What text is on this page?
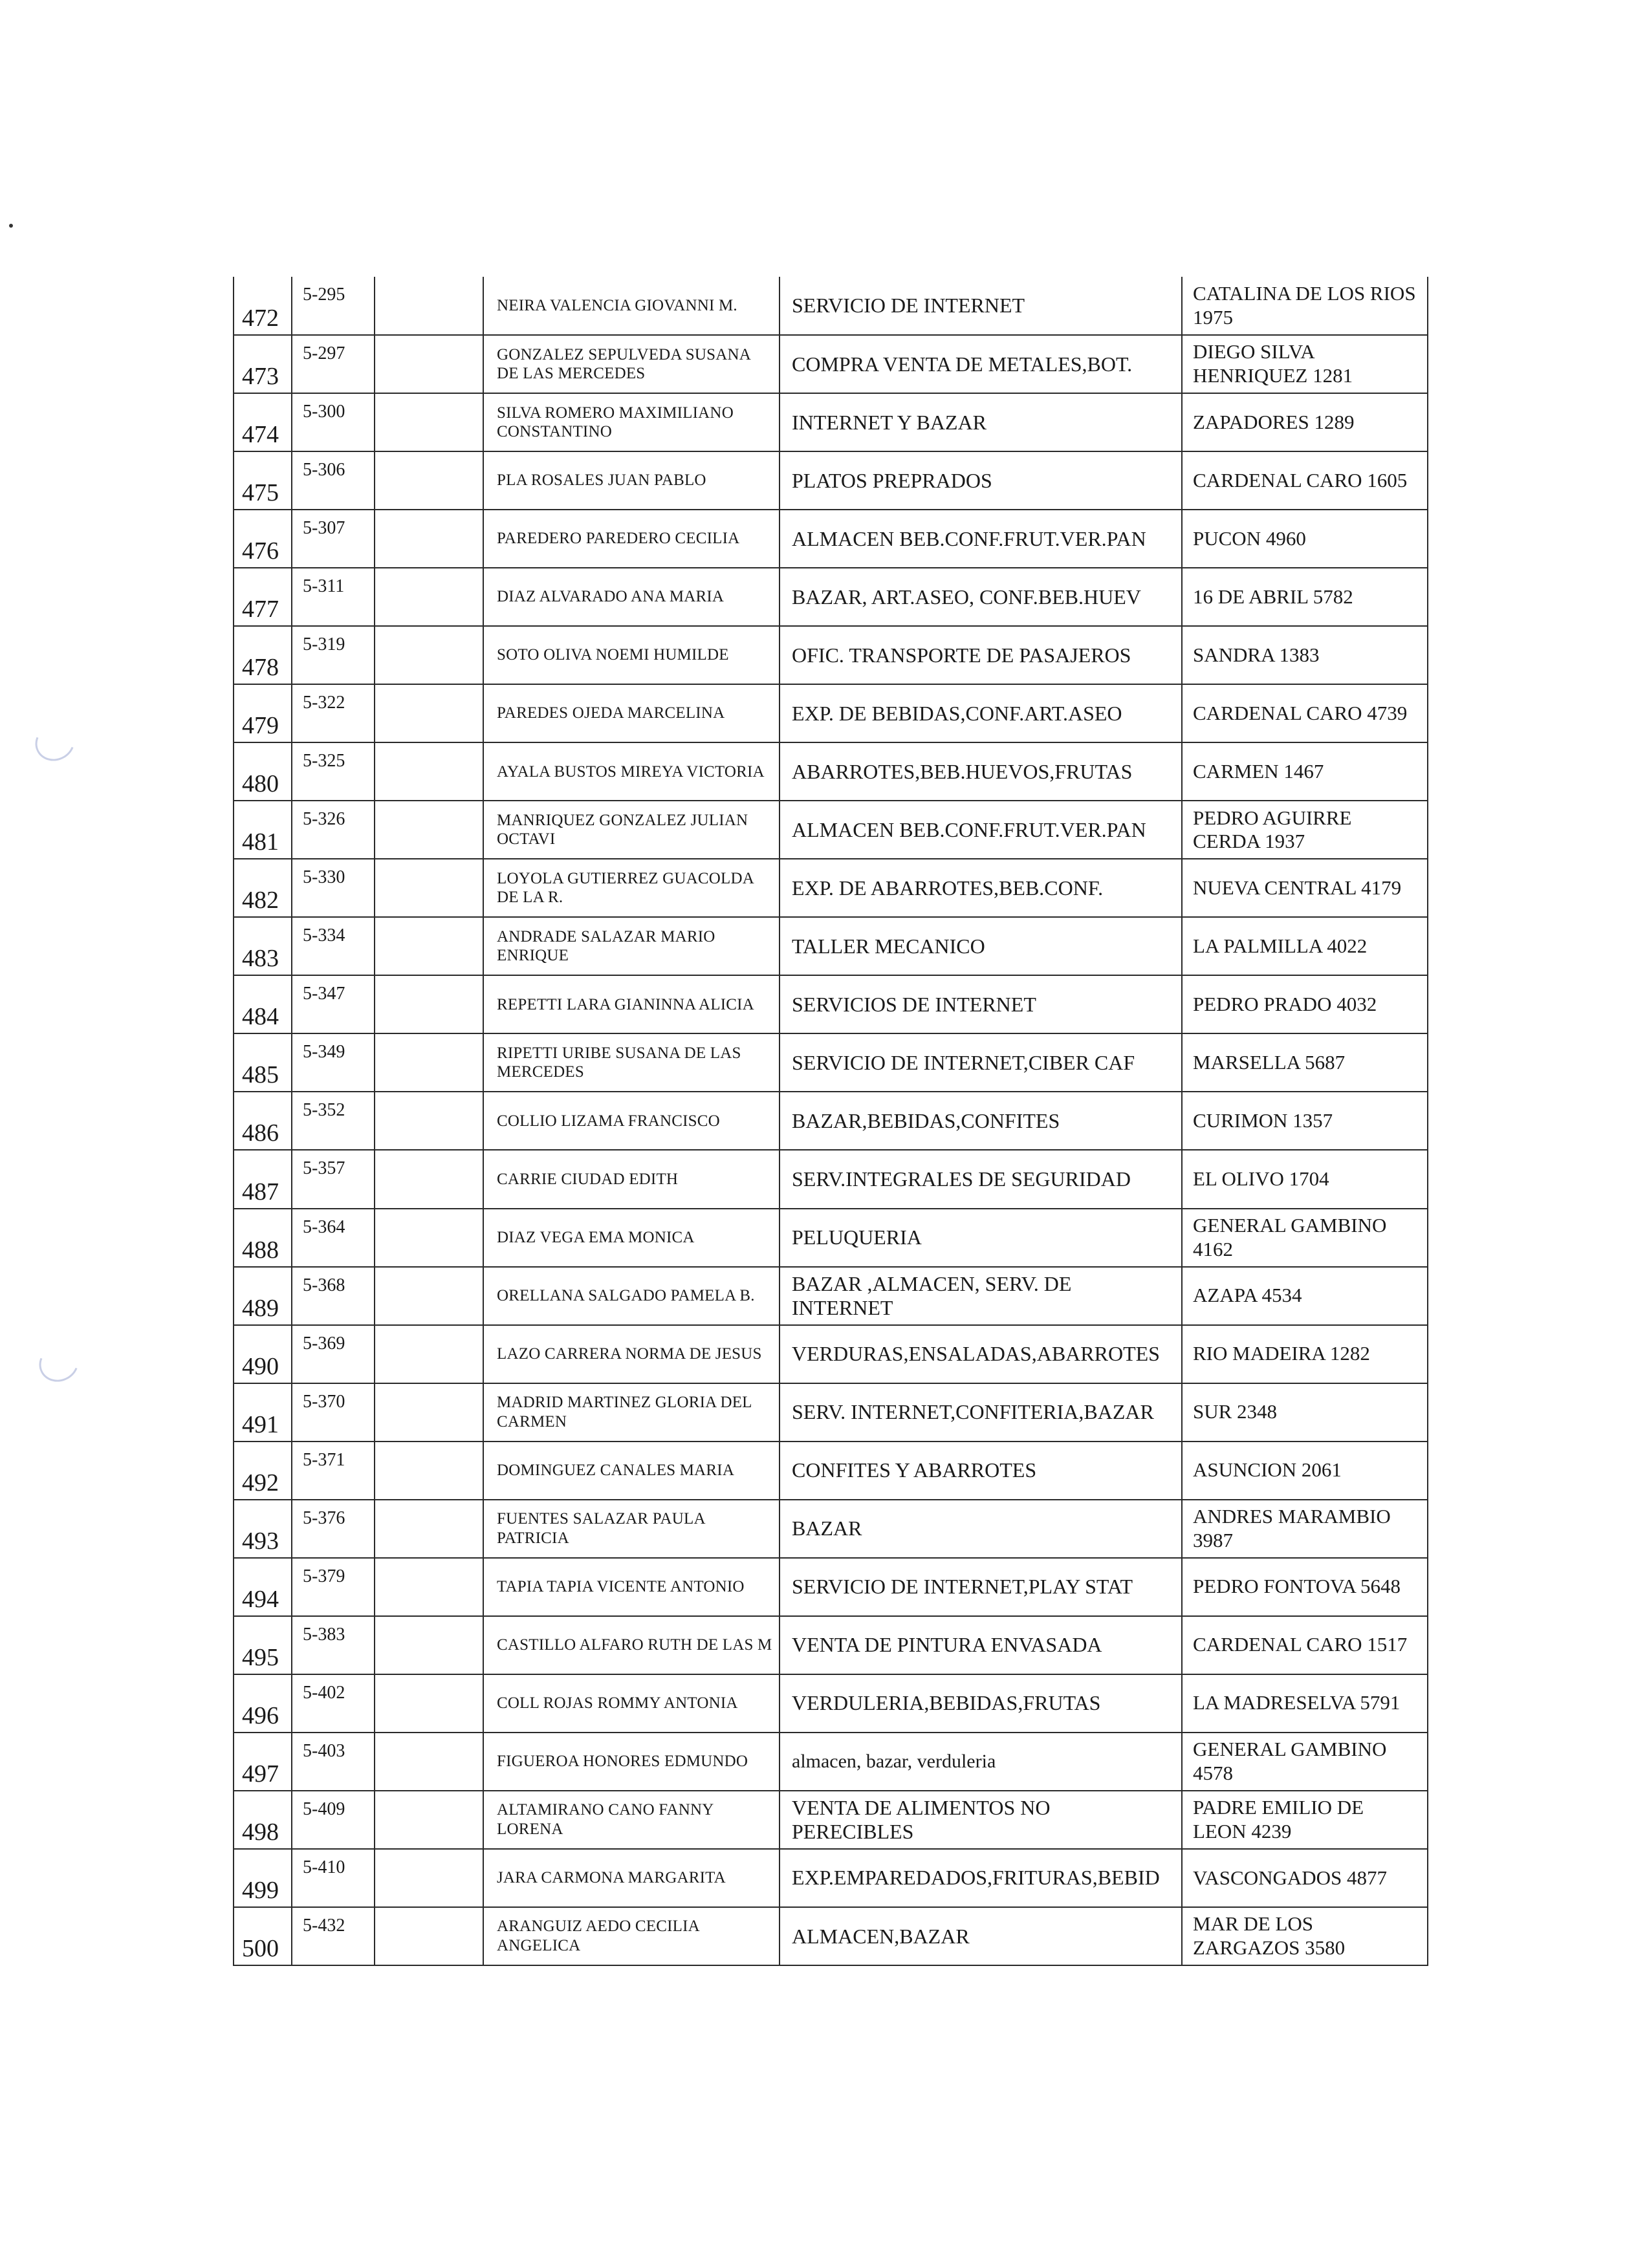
472	5-295		NEIRA VALENCIA GIOVANNI M.	SERVICIO DE INTERNET	CATALINA DE LOS RIOS 1975

473	5-297		GONZALEZ SEPULVEDA SUSANA DE LAS MERCEDES	COMPRA VENTA DE METALES,BOT.	DIEGO SILVA HENRIQUEZ 1281

474	5-300		SILVA ROMERO MAXIMILIANO CONSTANTINO	INTERNET Y BAZAR	ZAPADORES 1289

475	5-306		PLA ROSALES JUAN PABLO	PLATOS PREPRADOS	CARDENAL CARO 1605

476	5-307		PAREDERO PAREDERO CECILIA	ALMACEN BEB.CONF.FRUT.VER.PAN	PUCON 4960

477	5-311		DIAZ ALVARADO ANA MARIA	BAZAR, ART.ASEO, CONF.BEB.HUEV	16 DE ABRIL 5782

478	5-319		SOTO OLIVA NOEMI HUMILDE	OFIC. TRANSPORTE DE PASAJEROS	SANDRA 1383

479	5-322		PAREDES OJEDA MARCELINA	EXP. DE BEBIDAS,CONF.ART.ASEO	CARDENAL CARO 4739

480	5-325		AYALA BUSTOS MIREYA VICTORIA	ABARROTES,BEB.HUEVOS,FRUTAS	CARMEN 1467

481	5-326		MANRIQUEZ GONZALEZ JULIAN OCTAVI	ALMACEN BEB.CONF.FRUT.VER.PAN	PEDRO AGUIRRE CERDA 1937

482	5-330		LOYOLA GUTIERREZ GUACOLDA DE LA R.	EXP. DE ABARROTES,BEB.CONF.	NUEVA CENTRAL 4179

483	5-334		ANDRADE SALAZAR MARIO ENRIQUE	TALLER MECANICO	LA PALMILLA 4022

484	5-347		REPETTI LARA GIANINNA ALICIA	SERVICIOS DE INTERNET	PEDRO PRADO 4032

485	5-349		RIPETTI URIBE SUSANA DE LAS MERCEDES	SERVICIO DE INTERNET,CIBER CAF	MARSELLA 5687

486	5-352		COLLIO LIZAMA FRANCISCO	BAZAR,BEBIDAS,CONFITES	CURIMON 1357

487	5-357		CARRIE CIUDAD EDITH	SERV.INTEGRALES DE SEGURIDAD	EL OLIVO 1704

488	5-364		DIAZ VEGA EMA MONICA	PELUQUERIA	GENERAL GAMBINO 4162

489	5-368		ORELLANA SALGADO PAMELA B.	BAZAR ,ALMACEN, SERV. DE INTERNET	AZAPA 4534

490	5-369		LAZO CARRERA NORMA DE JESUS	VERDURAS,ENSALADAS,ABARROTES	RIO MADEIRA 1282

491	5-370		MADRID MARTINEZ GLORIA DEL CARMEN	SERV. INTERNET,CONFITERIA,BAZAR	SUR 2348

492	5-371		DOMINGUEZ CANALES MARIA	CONFITES Y ABARROTES	ASUNCION 2061

493	5-376		FUENTES SALAZAR PAULA PATRICIA	BAZAR	ANDRES MARAMBIO 3987

494	5-379		TAPIA TAPIA VICENTE ANTONIO	SERVICIO DE INTERNET,PLAY STAT	PEDRO FONTOVA 5648

495	5-383		CASTILLO ALFARO RUTH DE LAS M	VENTA DE PINTURA ENVASADA	CARDENAL CARO 1517

496	5-402		COLL ROJAS ROMMY ANTONIA	VERDULERIA,BEBIDAS,FRUTAS	LA MADRESELVA 5791

497	5-403		FIGUEROA HONORES EDMUNDO	almacen, bazar, verduleria	GENERAL GAMBINO 4578

498	5-409		ALTAMIRANO CANO FANNY LORENA	VENTA DE ALIMENTOS NO PERECIBLES	PADRE EMILIO DE LEON 4239

499	5-410		JARA CARMONA MARGARITA	EXP.EMPAREDADOS,FRITURAS,BEBID	VASCONGADOS 4877

500	5-432		ARANGUIZ AEDO CECILIA ANGELICA	ALMACEN,BAZAR	MAR DE LOS ZARGAZOS 3580
